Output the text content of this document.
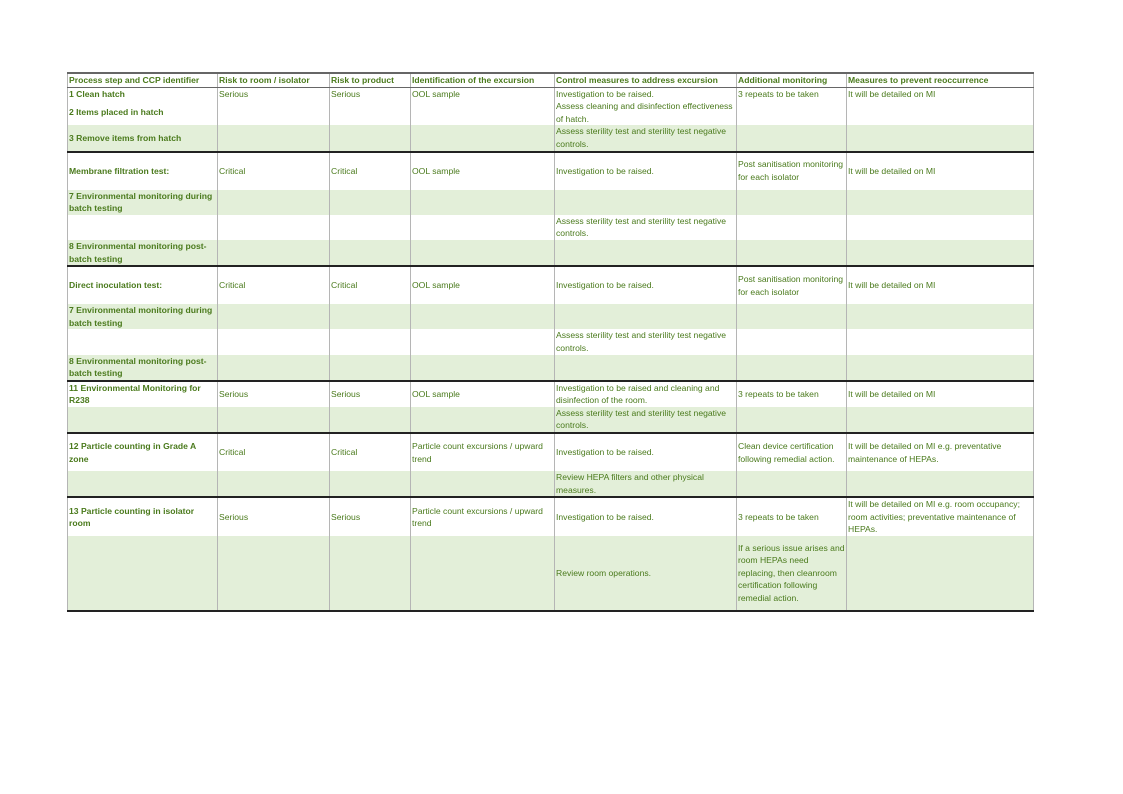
Process step and CCP identifier	Risk to room / isolator	Risk to product	Identification of the excursion	Control measures to address excursion	Additional monitoring	Measures to prevent reoccurrence
1 Clean hatch	Serious	Serious	OOL sample	Investigation to be raised.	3 repeats to be taken	It will be detailed on MI
2 Items placed in hatch				Assess cleaning and disinfection effectiveness of hatch.		
3 Remove items from hatch				Assess sterility test and sterility test negative controls.		
Membrane filtration test:	Critical	Critical	OOL sample	Investigation to be raised.	Post sanitisation monitoring for each isolator	It will be detailed on MI
7 Environmental monitoring during batch testing						
				Assess sterility test and sterility test negative controls.		
8 Environmental monitoring post-batch testing						
Direct inoculation test:	Critical	Critical	OOL sample	Investigation to be raised.	Post sanitisation monitoring for each isolator	It will be detailed on MI
7 Environmental monitoring during batch testing						
				Assess sterility test and sterility test negative controls.		
8 Environmental monitoring post-batch testing						
11 Environmental Monitoring for R238	Serious	Serious	OOL sample	Investigation to be raised and cleaning and disinfection of the room.	3 repeats to be taken	It will be detailed on MI
				Assess sterility test and sterility test negative controls.		
12 Particle counting in Grade A zone	Critical	Critical	Particle count excursions / upward trend	Investigation to be raised.	Clean device certification following remedial action.	It will be detailed on MI e.g. preventative maintenance of HEPAs.
				Review HEPA filters and other physical measures.		
13 Particle counting in isolator room	Serious	Serious	Particle count excursions / upward trend	Investigation to be raised.	3 repeats to be taken	It will be detailed on MI e.g. room occupancy; room activities; preventative maintenance of HEPAs.
				Review room operations.	If a serious issue arises and room HEPAs need replacing, then cleanroom certification following remedial action.	
